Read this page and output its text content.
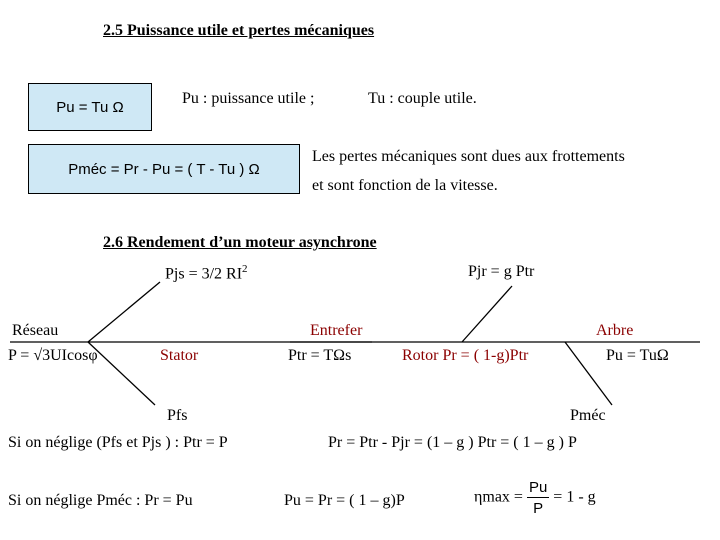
2.5 Puissance utile et pertes mécaniques
Pu = Tu Ω	Pu : puissance utile ;	Tu : couple utile.
Pméc = Pr - Pu = ( T - Tu ) Ω
Les pertes mécaniques sont dues aux frottements
et sont fonction de la vitesse.
2.6 Rendement d’un moteur asynchrone
Pjs = 3/2 $RI^2$	Pjr = g Ptr
Réseau
P = √3UIcosφ	Stator
Entrefer
Ptr = TΩs	Rotor Pr = ( 1-g)Ptr
Arbre
Pu = TuΩ
Pfs	Pméc
Si on néglige (Pfs et Pjs ) : Ptr = P	Pr = Ptr - Pjr = (1 – g ) Ptr = ( 1 – g ) P
Si on néglige Pméc : Pr = Pu	Pu = Pr = ( 1 – g)P	$\eta\max = \frac{Pu}{P} = 1 - g$
